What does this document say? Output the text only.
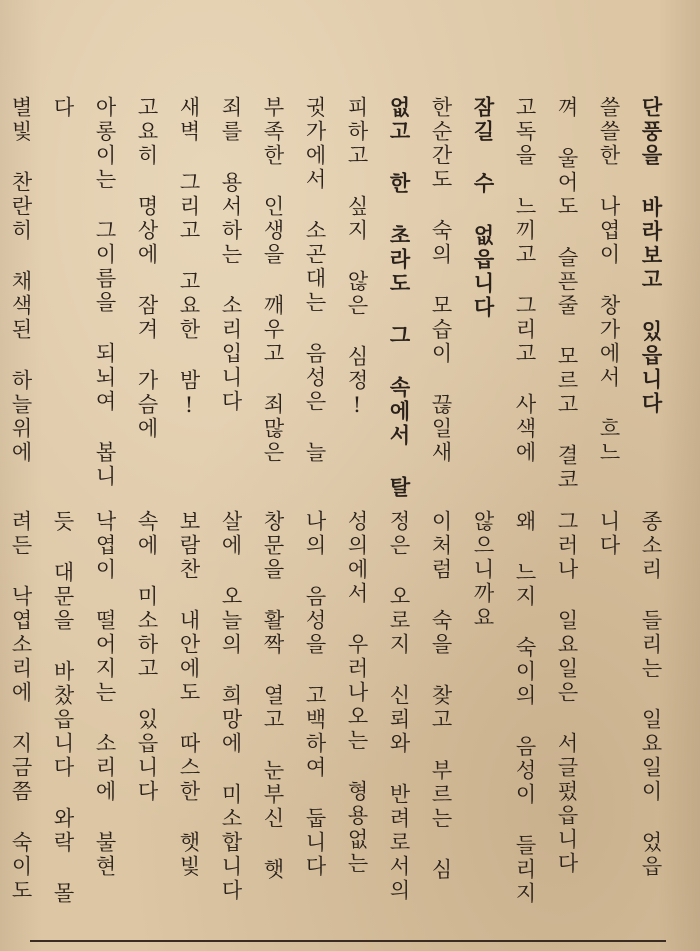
단풍을 바라보고 있읍니다
쓸쓸한 나엽이 창가에서 흐느
껴 울어도 슬픈줄 모르고 결코
고독을 느끼고 그리고 사색에
잠길 수 없읍니다
한순간도 숙의 모습이 끊일새
없고 한 초라도 그 속에서 탈
피하고 싶지 않은 심정!
귓가에서 소곤대는 음성은 늘
부족한 인생을 깨우고 죄많은
죄를 용서하는 소리입니다
새벽 그리고 고요한 밤!
고요히 명상에 잠겨 가슴에
아롱이는 그이름을 되뇌여 봅니
다
별빛 찬란히 채색된 하늘위에
종소리 들리는 일요일이 었읍
니다
그러나 일요일은 서글펐읍니다
왜 느지 숙이의 음성이 들리지
않으니까요
이처럼 숙을 찾고 부르는 심
정은 오로지 신뢰와 반려로서의
성의에서 우러나오는 형용없는
나의 음성을 고백하여 둡니다
창문을 활짝 열고 눈부신 햇
살에 오늘의 희망에 미소합니다
보람찬 내안에도 따스한 햇빛
속에 미소하고 있읍니다
낙엽이 떨어지는 소리에 불현
듯 대문을 바찼읍니다 와락 몰
려든 낙엽소리에 지금쯤 숙이도
